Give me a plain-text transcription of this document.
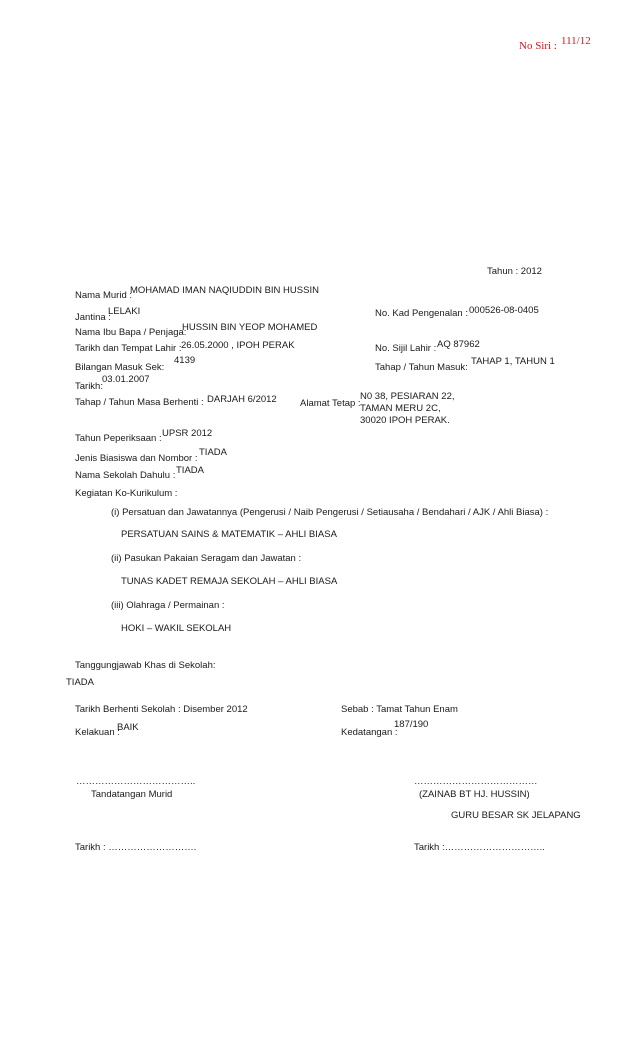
No Siri : 111/12
Tahun : 2012
Nama Murid :
MOHAMAD IMAN NAQIUDDIN BIN HUSSIN
Jantina :
LELAKI	No. Kad Pengenalan : 000526-08-0405
Nama Ibu Bapa / Penjaga:
HUSSIN BIN YEOP MOHAMED
Tarikh dan Tempat Lahir : 26.05.2000 , IPOH PERAK	No. Sijil Lahir : AQ 87962
Bilangan Masuk Sek:
4139
Tahap / Tahun Masuk:
TAHAP 1, TAHUN 1
Tarikh:
03.01.2007
Tahap / Tahun Masa Berhenti : DARJAH 6/2012 Alamat Tetap :
N0 38, PESIARAN 22,
TAMAN MERU 2C,
30020 IPOH PERAK.
Tahun Peperiksaan : UPSR 2012
Jenis Biasiswa dan Nombor :
TIADA
Nama Sekolah Dahulu : TIADA
Kegiatan Ko-Kurikulum :
(i) Persatuan dan Jawatannya (Pengerusi / Naib Pengerusi / Setiausaha / Bendahari / AJK / Ahli Biasa) :
PERSATUAN SAINS & MATEMATIK – AHLI BIASA
(ii) Pasukan Pakaian Seragam dan Jawatan :
TUNAS KADET REMAJA SEKOLAH – AHLI BIASA
(iii) Olahraga / Permainan :
HOKI – WAKIL SEKOLAH
Tanggungjawab Khas di Sekolah:
TIADA
Tarikh Berhenti Sekolah : Disember 2012	Sebab : Tamat Tahun Enam
Kelakuan :
BAIK	Kedatangan :
187/190
………………………………..
Tandatangan Murid
…………………………………
(ZAINAB BT HJ. HUSSIN)
GURU BESAR SK JELAPANG
Tarikh : ……………………….	Tarikh :…………………………..
